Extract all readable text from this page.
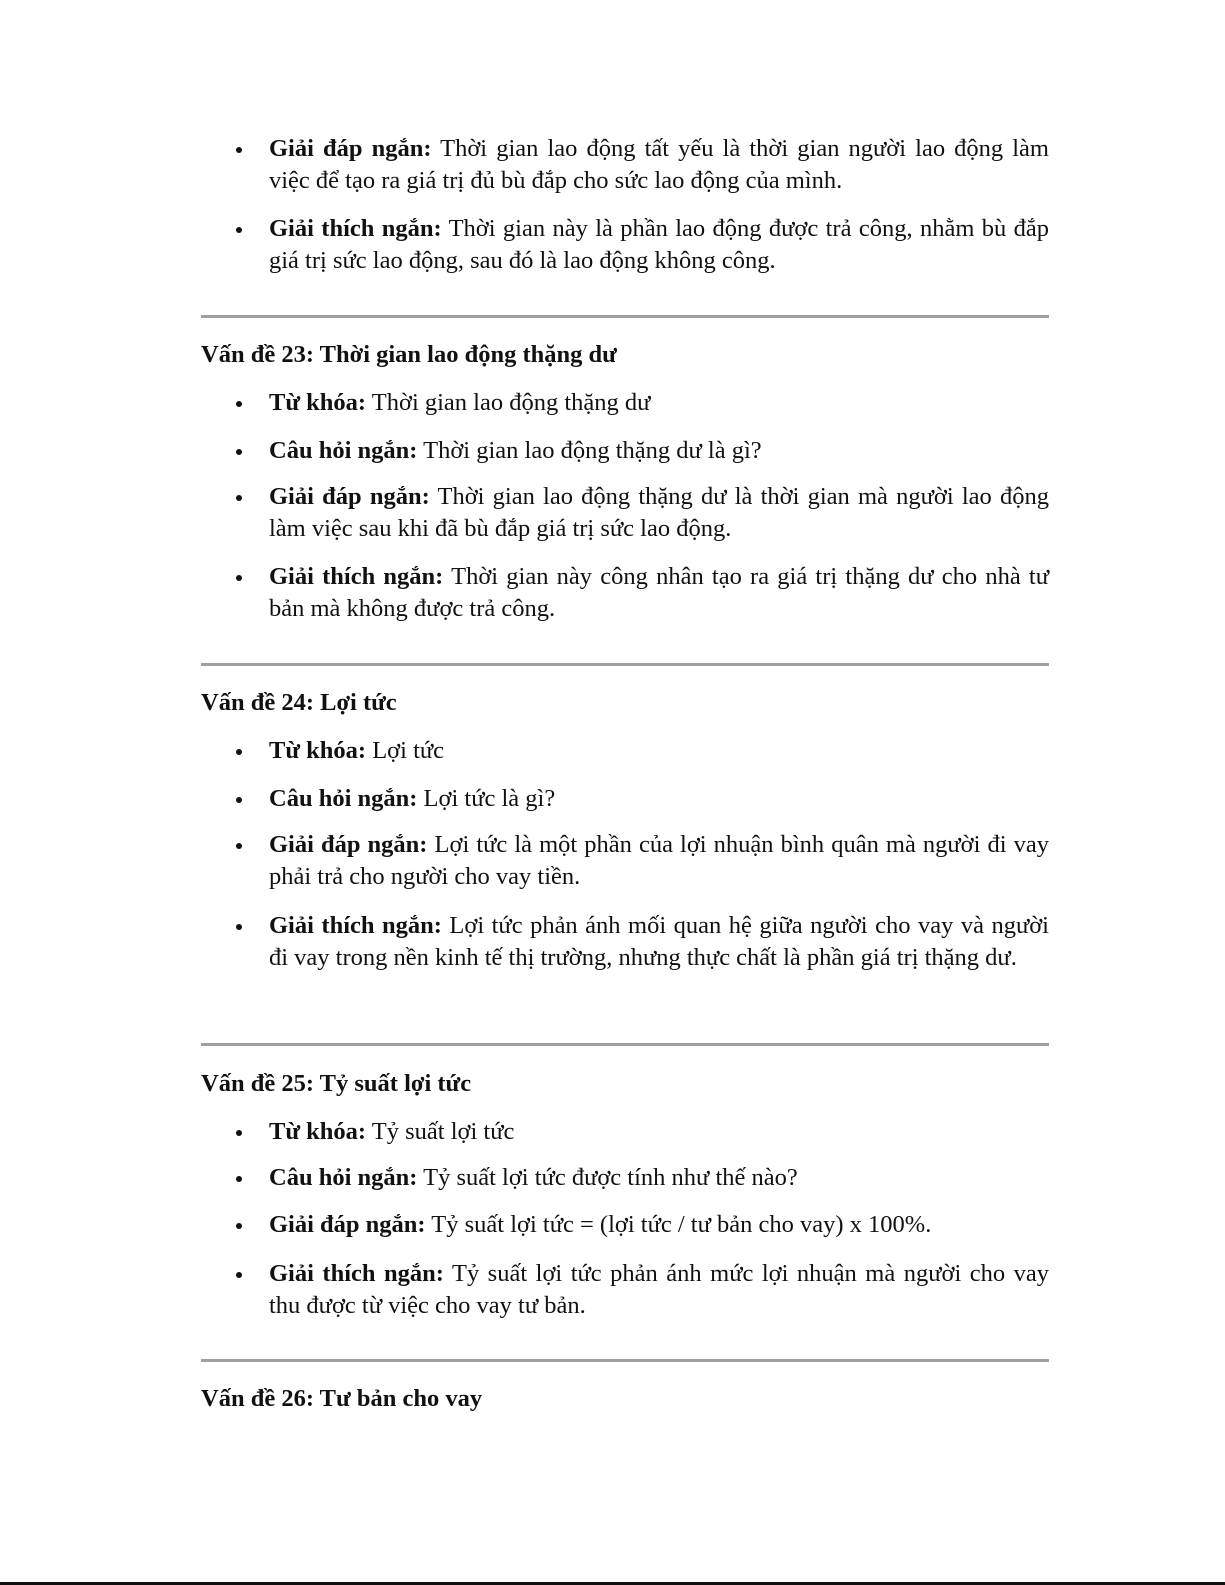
Giải đáp ngắn: Thời gian lao động tất yếu là thời gian người lao động làm việc để tạo ra giá trị đủ bù đắp cho sức lao động của mình.
Giải thích ngắn: Thời gian này là phần lao động được trả công, nhằm bù đắp giá trị sức lao động, sau đó là lao động không công.
Vấn đề 23: Thời gian lao động thặng dư
Từ khóa: Thời gian lao động thặng dư
Câu hỏi ngắn: Thời gian lao động thặng dư là gì?
Giải đáp ngắn: Thời gian lao động thặng dư là thời gian mà người lao động làm việc sau khi đã bù đắp giá trị sức lao động.
Giải thích ngắn: Thời gian này công nhân tạo ra giá trị thặng dư cho nhà tư bản mà không được trả công.
Vấn đề 24: Lợi tức
Từ khóa: Lợi tức
Câu hỏi ngắn: Lợi tức là gì?
Giải đáp ngắn: Lợi tức là một phần của lợi nhuận bình quân mà người đi vay phải trả cho người cho vay tiền.
Giải thích ngắn: Lợi tức phản ánh mối quan hệ giữa người cho vay và người đi vay trong nền kinh tế thị trường, nhưng thực chất là phần giá trị thặng dư.
Vấn đề 25: Tỷ suất lợi tức
Từ khóa: Tỷ suất lợi tức
Câu hỏi ngắn: Tỷ suất lợi tức được tính như thế nào?
Giải đáp ngắn: Tỷ suất lợi tức = (lợi tức / tư bản cho vay) x 100%.
Giải thích ngắn: Tỷ suất lợi tức phản ánh mức lợi nhuận mà người cho vay thu được từ việc cho vay tư bản.
Vấn đề 26: Tư bản cho vay
